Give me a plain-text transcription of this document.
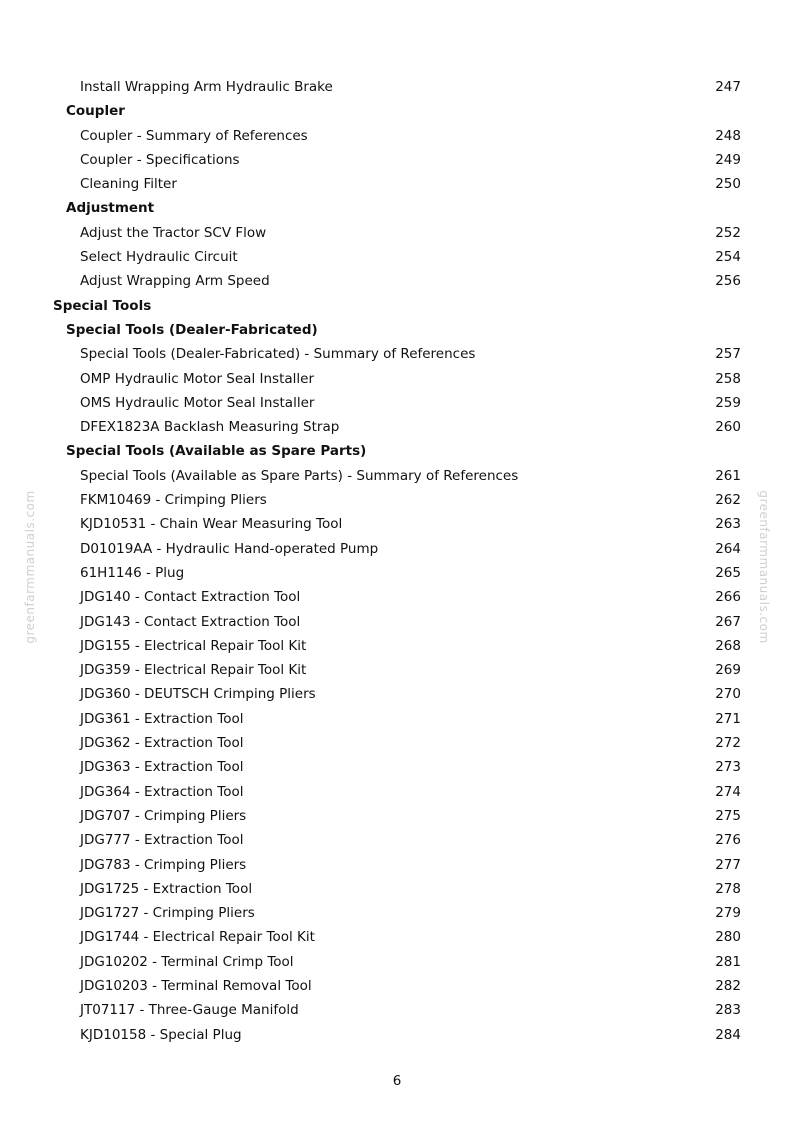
Install Wrapping Arm Hydraulic Brake	247
Coupler
Coupler - Summary of References	248
Coupler - Specifications	249
Cleaning Filter	250
Adjustment
Adjust the Tractor SCV Flow	252
Select Hydraulic Circuit	254
Adjust Wrapping Arm Speed	256
Special Tools
Special Tools (Dealer-Fabricated)
Special Tools (Dealer-Fabricated) - Summary of References	257
OMP Hydraulic Motor Seal Installer	258
OMS Hydraulic Motor Seal Installer	259
DFEX1823A Backlash Measuring Strap	260
Special Tools (Available as Spare Parts)
Special Tools (Available as Spare Parts) - Summary of References	261
FKM10469 - Crimping Pliers	262
KJD10531 - Chain Wear Measuring Tool	263
D01019AA - Hydraulic Hand-operated Pump	264
61H1146 - Plug	265
JDG140 - Contact Extraction Tool	266
JDG143 - Contact Extraction Tool	267
JDG155 - Electrical Repair Tool Kit	268
JDG359 - Electrical Repair Tool Kit	269
JDG360 - DEUTSCH Crimping Pliers	270
JDG361 - Extraction Tool	271
JDG362 - Extraction Tool	272
JDG363 - Extraction Tool	273
JDG364 - Extraction Tool	274
JDG707 - Crimping Pliers	275
JDG777 - Extraction Tool	276
JDG783 - Crimping Pliers	277
JDG1725 - Extraction Tool	278
JDG1727 - Crimping Pliers	279
JDG1744 - Electrical Repair Tool Kit	280
JDG10202 - Terminal Crimp Tool	281
JDG10203 - Terminal Removal Tool	282
JT07117 - Three-Gauge Manifold	283
KJD10158 - Special Plug	284
greenfarmmanuals.com	greenfarmmanuals.com
6
